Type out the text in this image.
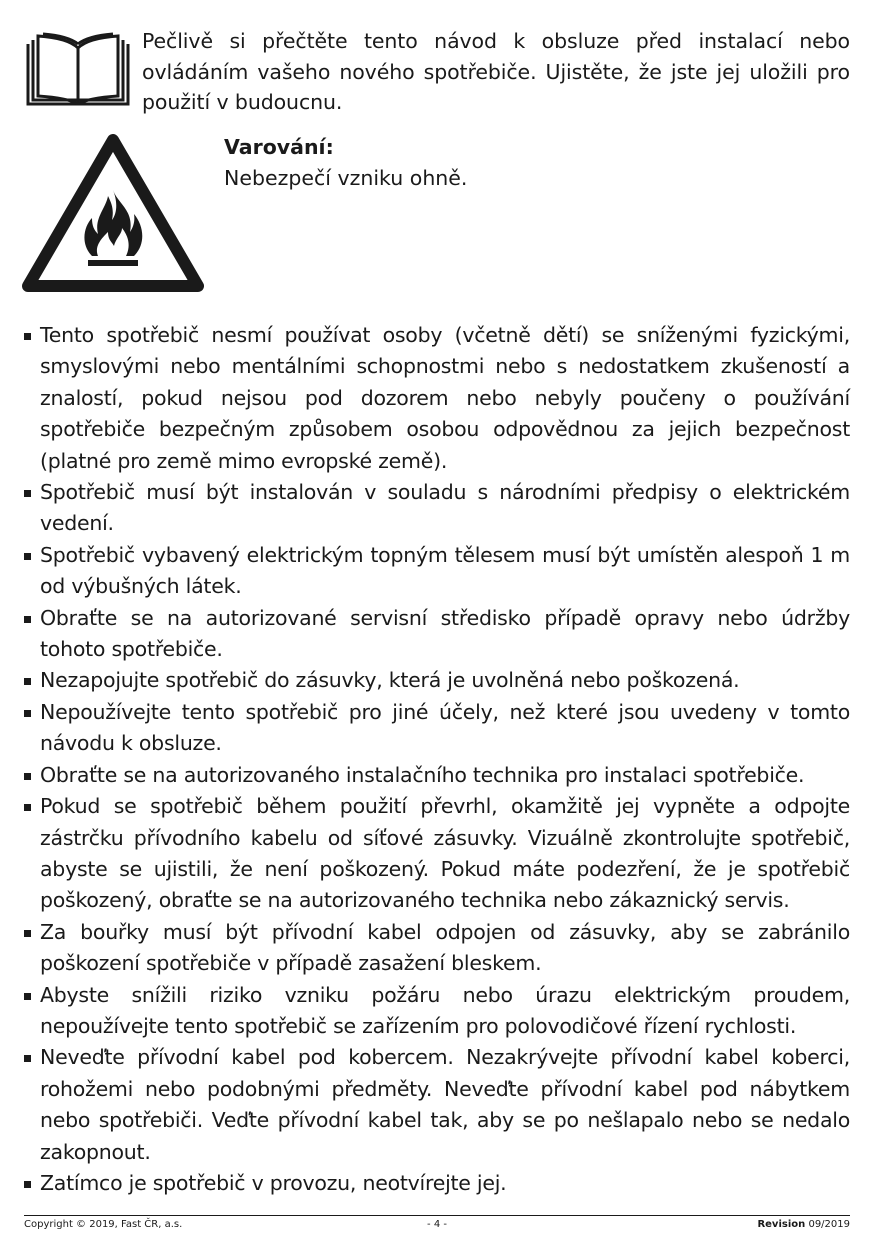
Pečlivě si přečtěte tento návod k obsluze před instalací nebo ovládáním vašeho nového spotřebiče. Ujistěte, že jste jej uložili pro použití v budoucnu.

Varování:

Nebezpečí vzniku ohně.

Tento spotřebič nesmí používat osoby (včetně dětí) se sníženými fyzickými, smyslovými nebo mentálními schopnostmi nebo s nedostatkem zkušeností a znalostí, pokud nejsou pod dozorem nebo nebyly poučeny o používání spotřebiče bezpečným způsobem osobou odpovědnou za jejich bezpečnost (platné pro země mimo evropské země).
Spotřebič musí být instalován v souladu s národními předpisy o elektrickém vedení.
Spotřebič vybavený elektrickým topným tělesem musí být umístěn alespoň 1 m od výbušných látek.
Obraťte se na autorizované servisní středisko případě opravy nebo údržby tohoto spotřebiče.
Nezapojujte spotřebič do zásuvky, která je uvolněná nebo poškozená.
Nepoužívejte tento spotřebič pro jiné účely, než které jsou uvedeny v tomto návodu k obsluze.
Obraťte se na autorizovaného instalačního technika pro instalaci spotřebiče.
Pokud se spotřebič během použití převrhl, okamžitě jej vypněte a odpojte zástrčku přívodního kabelu od síťové zásuvky. Vizuálně zkontrolujte spotřebič, abyste se ujistili, že není poškozený. Pokud máte podezření, že je spotřebič poškozený, obraťte se na autorizovaného technika nebo zákaznický servis.
Za bouřky musí být přívodní kabel odpojen od zásuvky, aby se zabránilo poškození spotřebiče v případě zasažení bleskem.
Abyste snížili riziko vzniku požáru nebo úrazu elektrickým proudem, nepoužívejte tento spotřebič se zařízením pro polovodičové řízení rychlosti.
Neveďte přívodní kabel pod kobercem. Nezakrývejte přívodní kabel koberci, rohožemi nebo podobnými předměty. Neveďte přívodní kabel pod nábytkem nebo spotřebiči. Veďte přívodní kabel tak, aby se po nešlapalo nebo se nedalo zakopnout.
Zatímco je spotřebič v provozu, neotvírejte jej.
Copyright © 2019, Fast ČR, a.s.	- 4 -	Revision 09/2019
